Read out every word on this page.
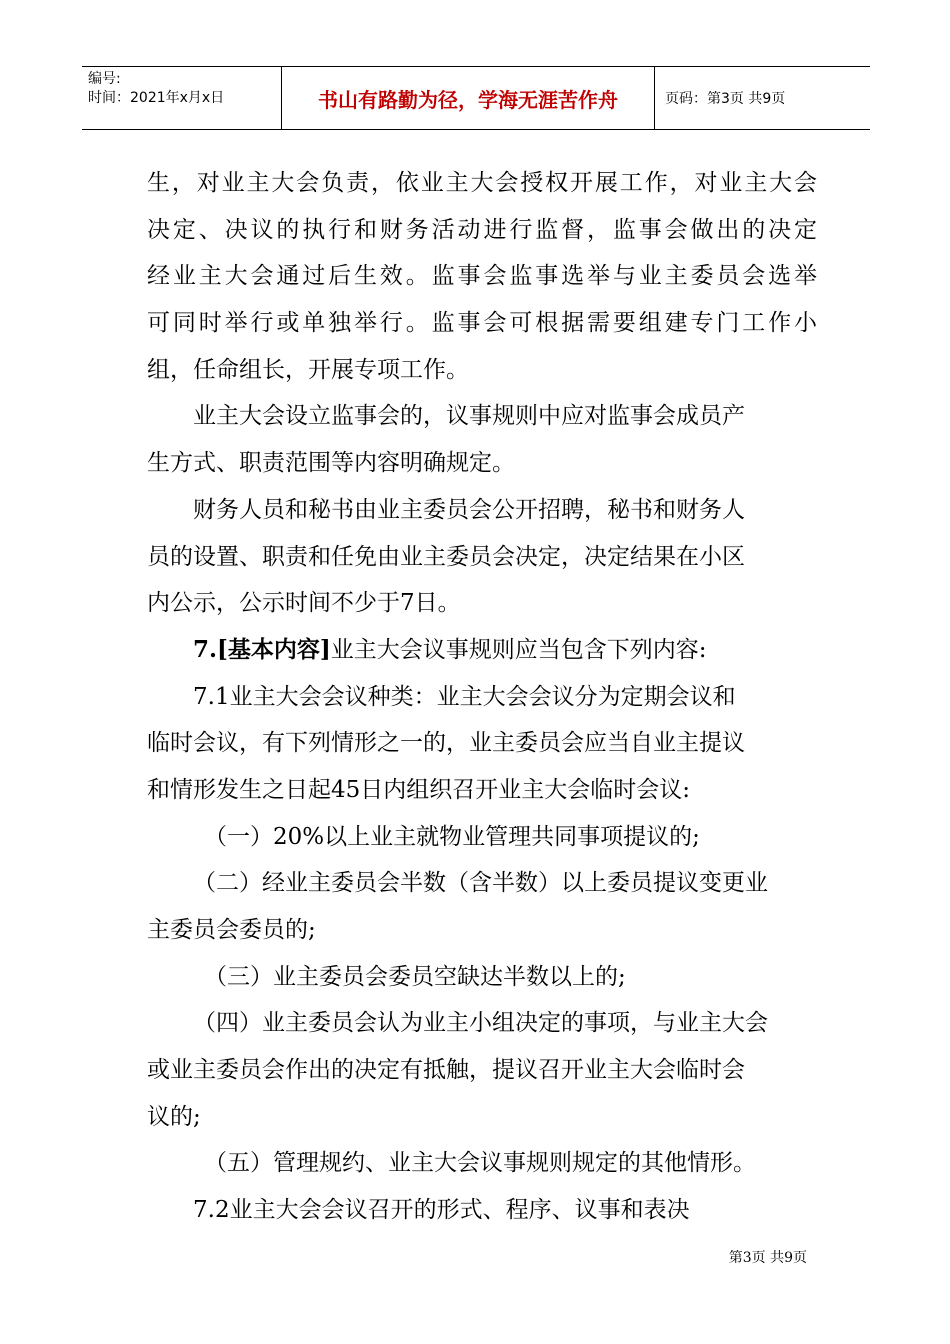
编号:
时间：2021年x月x日	书山有路勤为径，学海无涯苦作舟	页码：第3页 共9页
生，对业主大会负责，依业主大会授权开展工作，对业主大会
决定、决议的执行和财务活动进行监督，监事会做出的决定
经业主大会通过后生效。监事会监事选举与业主委员会选举
可同时举行或单独举行。监事会可根据需要组建专门工作小
组，任命组长，开展专项工作。
业主大会设立监事会的，议事规则中应对监事会成员产
生方式、职责范围等内容明确规定。
财务人员和秘书由业主委员会公开招聘，秘书和财务人
员的设置、职责和任免由业主委员会决定，决定结果在小区
内公示，公示时间不少于7日。
7. [基本内容] 业主大会议事规则应当包含下列内容:
7.1业主大会会议种类：业主大会会议分为定期会议和
临时会议，有下列情形之一的，业主委员会应当自业主提议
和情形发生之日起45日内组织召开业主大会临时会议:
（一）20%以上业主就物业管理共同事项提议的;
（二）经业主委员会半数（含半数）以上委员提议变更业
主委员会委员的;
（三）业主委员会委员空缺达半数以上的;
（四）业主委员会认为业主小组决定的事项，与业主大会
或业主委员会作出的决定有抵触，提议召开业主大会临时会
议的;
（五）管理规约、业主大会议事规则规定的其他情形。
7.2业主大会会议召开的形式、程序、议事和表决
第3页 共9页
